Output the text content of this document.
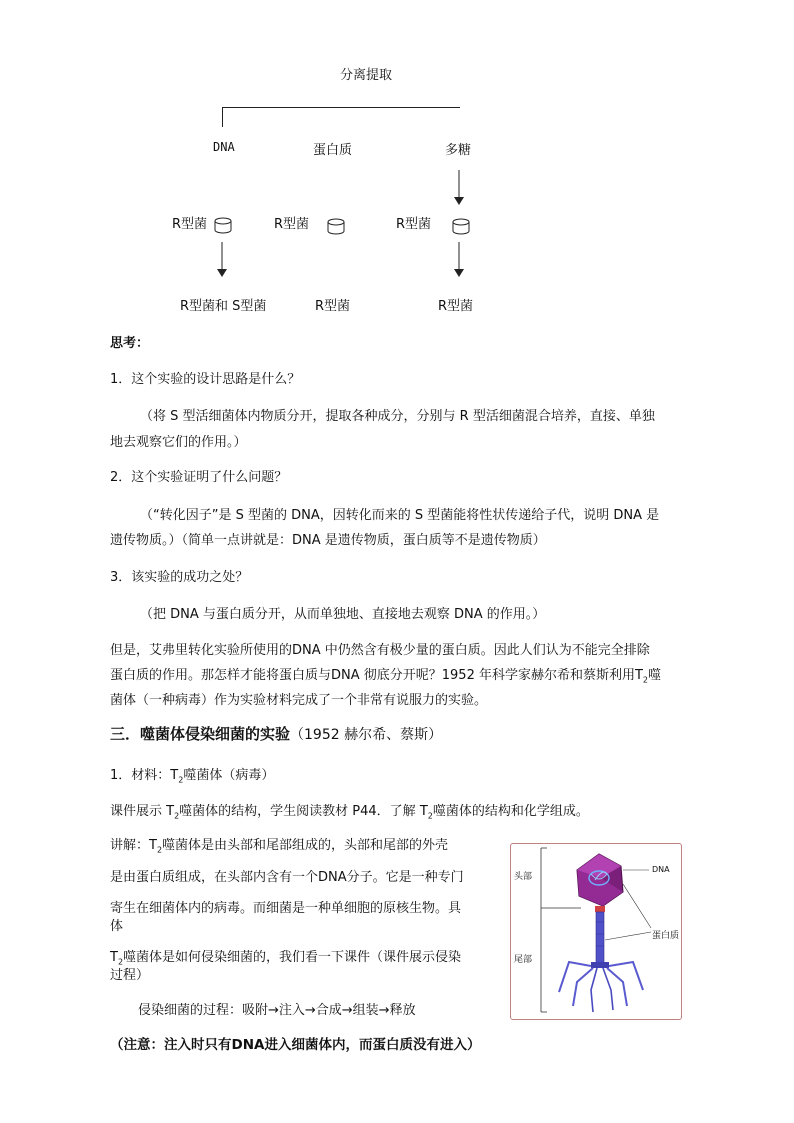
分离提取
DNA	蛋白质	多糖
R型菌	R型菌	R型菌
R型菌和 S型菌	R型菌	R型菌
思考：
1．这个实验的设计思路是什么？
（将 S 型活细菌体内物质分开，提取各种成分，分别与 R 型活细菌混合培养，直接、单独
地去观察它们的作用。）
2．这个实验证明了什么问题？
（“转化因子”是 S 型菌的 DNA，因转化而来的 S 型菌能将性状传递给子代，说明 DNA 是
遗传物质。）（简单一点讲就是：DNA 是遗传物质，蛋白质等不是遗传物质）
3．该实验的成功之处？
（把 DNA 与蛋白质分开，从而单独地、直接地去观察 DNA 的作用。）
但是，艾弗里转化实验所使用的DNA 中仍然含有极少量的蛋白质。因此人们认为不能完全排除
蛋白质的作用。那怎样才能将蛋白质与DNA 彻底分开呢？1952 年科学家赫尔希和蔡斯利用$T_2$噬
菌体（一种病毒）作为实验材料完成了一个非常有说服力的实验。
三．噬菌体侵染细菌的实验（1952 赫尔希、蔡斯）
1．材料：$T_2$噬菌体（病毒）
课件展示 $T_2$噬菌体的结构，学生阅读教材 P44．了解 $T_2$噬菌体的结构和化学组成。
讲解：$T_2$噬菌体是由头部和尾部组成的，头部和尾部的外壳
是由蛋白质组成，在头部内含有一个DNA分子。它是一种专门
寄生在细菌体内的病毒。而细菌是一种单细胞的原核生物。具
体
$T_2$噬菌体是如何侵染细菌的，我们看一下课件（课件展示侵染
过程）
侵染细菌的过程：吸附→注入→合成→组装→释放
（注意：注入时只有DNA进入细菌体内，而蛋白质没有进入）
头部
尾部
DNA
蛋白质
